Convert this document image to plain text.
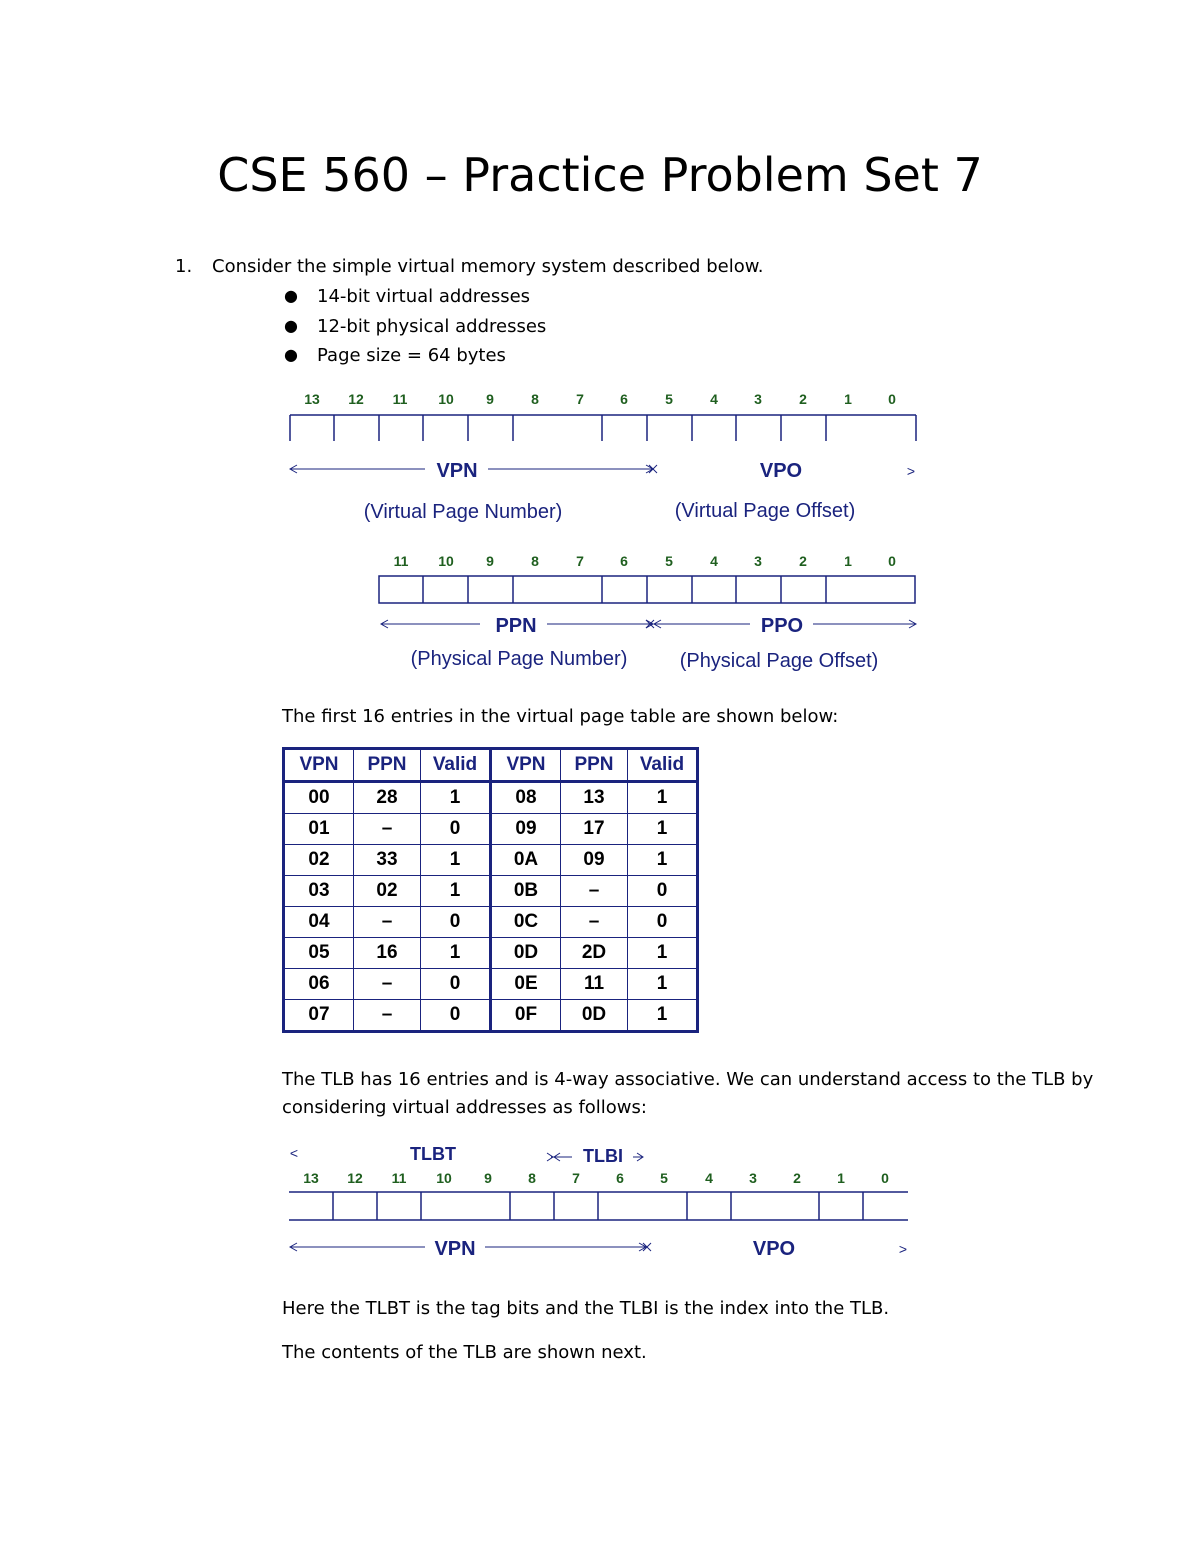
CSE 560 – Practice Problem Set 7
1. Consider the simple virtual memory system described below.
● 14-bit virtual addresses
● 12-bit physical addresses
● Page size = 64 bytes
13 12 11 10 9	8	7	6	5	4	3	2	1	0
VPN	VPO	>
(Virtual Page Number)	(Virtual Page Offset)
11 10 9	8	7	6	5	4	3	2	1	0
PPN	PPO
(Physical Page Number)	(Physical Page Offset)
The first 16 entries in the virtual page table are shown below:
VPN	PPN	Valid	VPN	PPN	Valid
00	28	1	08	13	1
01	–	0	09	17	1
02	33	1	0A	09	1
03	02	1	0B	–	0
04	–	0	0C	–	0
05	16	1	0D	2D	1
06	–	0	0E	11	1
07	–	0	0F	0D	1
The TLB has 16 entries and is 4-way associative. We can understand access to the TLB by
considering virtual addresses as follows:
<	TLBT	TLBI
13 12 11 10 9	8	7	6	5	4	3	2	1	0
VPN	VPO	>
Here the TLBT is the tag bits and the TLBI is the index into the TLB.
The contents of the TLB are shown next.
